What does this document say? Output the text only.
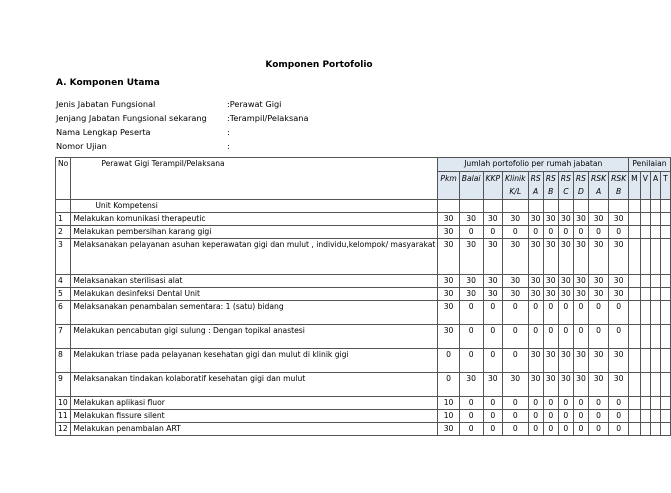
Komponen Portofolio
A. Komponen Utama
Jenis Jabatan Fungsional	:Perawat Gigi
Jenjang Jabatan Fungsional sekarang :Terampil/Pelaksana
Nama Lengkap Peserta	:
Nomor Ujian	:
No	Perawat Gigi Terampil/Pelaksana	Jumlah portofolio per rumah jabatan										Penilaian			
		Pkm	Balai	KKP	Klinik K/L	RS A	RS B	RS C	RS D	RSK A	RSK B	M	V	A	T
	Unit Kompetensi														
1	Melakukan komunikasi therapeutic	30	30	30	30	30	30	30	30	30	30				
2	Melakukan pembersihan karang gigi	30	0	0	0	0	0	0	0	0	0				
3	Melaksanakan pelayanan asuhan keperawatan gigi dan mulut , individu,kelompok/ masyarakat	30	30	30	30	30	30	30	30	30	30				
4	Melaksanakan sterilisasi alat	30	30	30	30	30	30	30	30	30	30				
5	Melakukan desinfeksi Dental Unit	30	30	30	30	30	30	30	30	30	30				
6	Melaksanakan penambalan sementara: 1 (satu) bidang	30	0	0	0	0	0	0	0	0	0				
7	Melakukan pencabutan gigi sulung : Dengan topikal anastesi	30	0	0	0	0	0	0	0	0	0				
8	Melakukan triase pada pelayanan kesehatan gigi dan mulut di klinik gigi	0	0	0	0	30	30	30	30	30	30				
9	Melaksanakan tindakan kolaboratif kesehatan gigi dan mulut	0	30	30	30	30	30	30	30	30	30				
10	Melakukan aplikasi fluor	10	0	0	0	0	0	0	0	0	0				
11	Melakukan fissure silent	10	0	0	0	0	0	0	0	0	0				
12	Melakukan penambalan ART	30	0	0	0	0	0	0	0	0	0				
